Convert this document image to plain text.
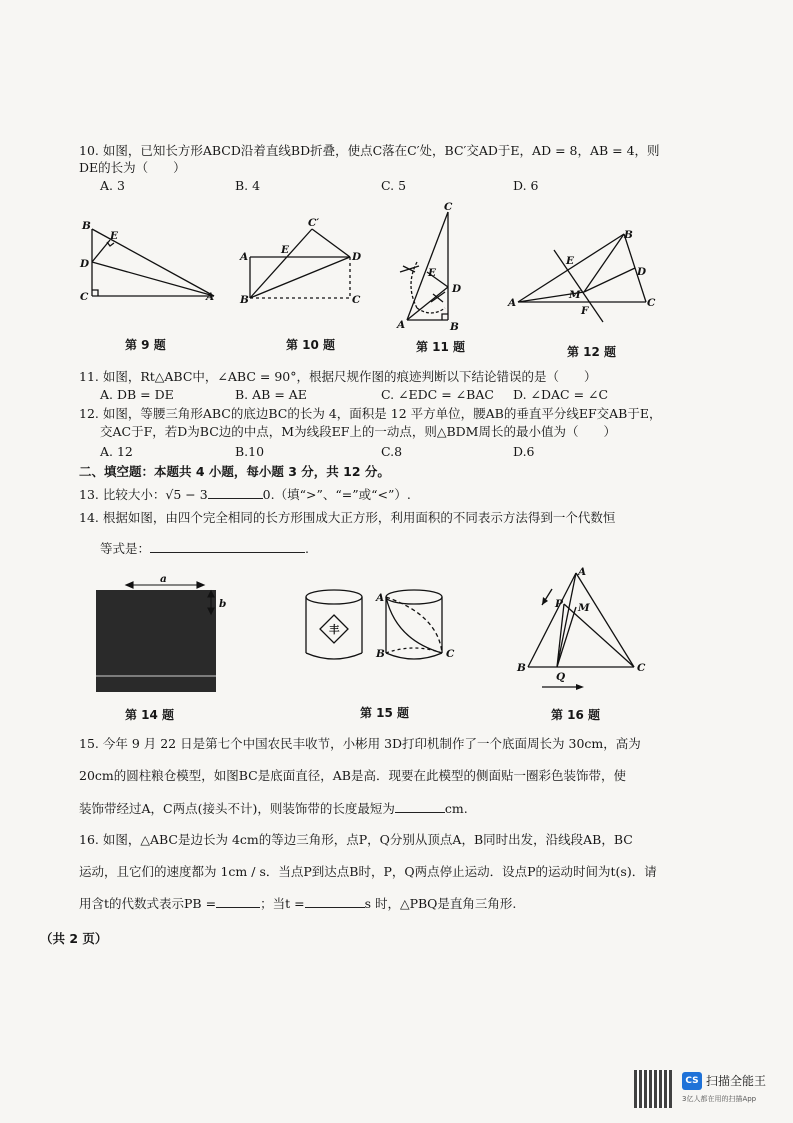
10. 如图，已知长方形ABCD沿着直线BD折叠，使点C落在C′处，BC′交AD于E，AD = 8，AB = 4，则
DE的长为（　　）
A. 3	B. 4	C. 5	D. 6
B
E
D
C	A
C′
E
A	D
B	C
C
E
D
A	B
B
E
D
M
A
F
C
第 9 题	第 10 题	第 11 题	第 12 题
11. 如图，Rt△ABC中，∠ABC = 90°，根据尺规作图的痕迹判断以下结论错误的是（　　）
A. DB = DE	B. AB = AE	C. ∠EDC = ∠BAC D. ∠DAC = ∠C
12. 如图，等腰三角形ABC的底边BC的长为 4，面积是 12 平方单位，腰AB的垂直平分线EF交AB于E，
交AC于F，若D为BC边的中点，M为线段EF上的一动点，则△BDM周长的最小值为（　　）
A. 12	B.10	C.8	D.6
二、填空题：本题共 4 小题，每小题 3 分，共 12 分。
13. 比较大小：√5 − 3	0.（填“>”、“=”或“<”）.
14. 根据如图，由四个完全相同的长方形围成大正方形，利用面积的不同表示方法得到一个代数恒
等式是：	.
a
b
丰
A
B	C
A
P M
B
Q
C
第 14 题	第 15 题	第 16 题
15. 今年 9 月 22 日是第七个中国农民丰收节，小彬用 3D打印机制作了一个底面周长为 30cm，高为
20cm的圆柱粮仓模型，如图BC是底面直径，AB是高．现要在此模型的侧面贴一圈彩色装饰带，使
装饰带经过A，C两点(接头不计)，则装饰带的长度最短为	cm.
16. 如图，△ABC是边长为 4cm的等边三角形，点P，Q分别从顶点A，B同时出发，沿线段AB，BC
运动，且它们的速度都为 1cm / s．当点P到达点B时，P，Q两点停止运动．设点P的运动时间为t(s)．请
用含t的代数式表示PB =	；当t =	s 时，△PBQ是直角三角形.
（共 2 页）
CS 扫描全能王
3亿人都在用的扫描App
